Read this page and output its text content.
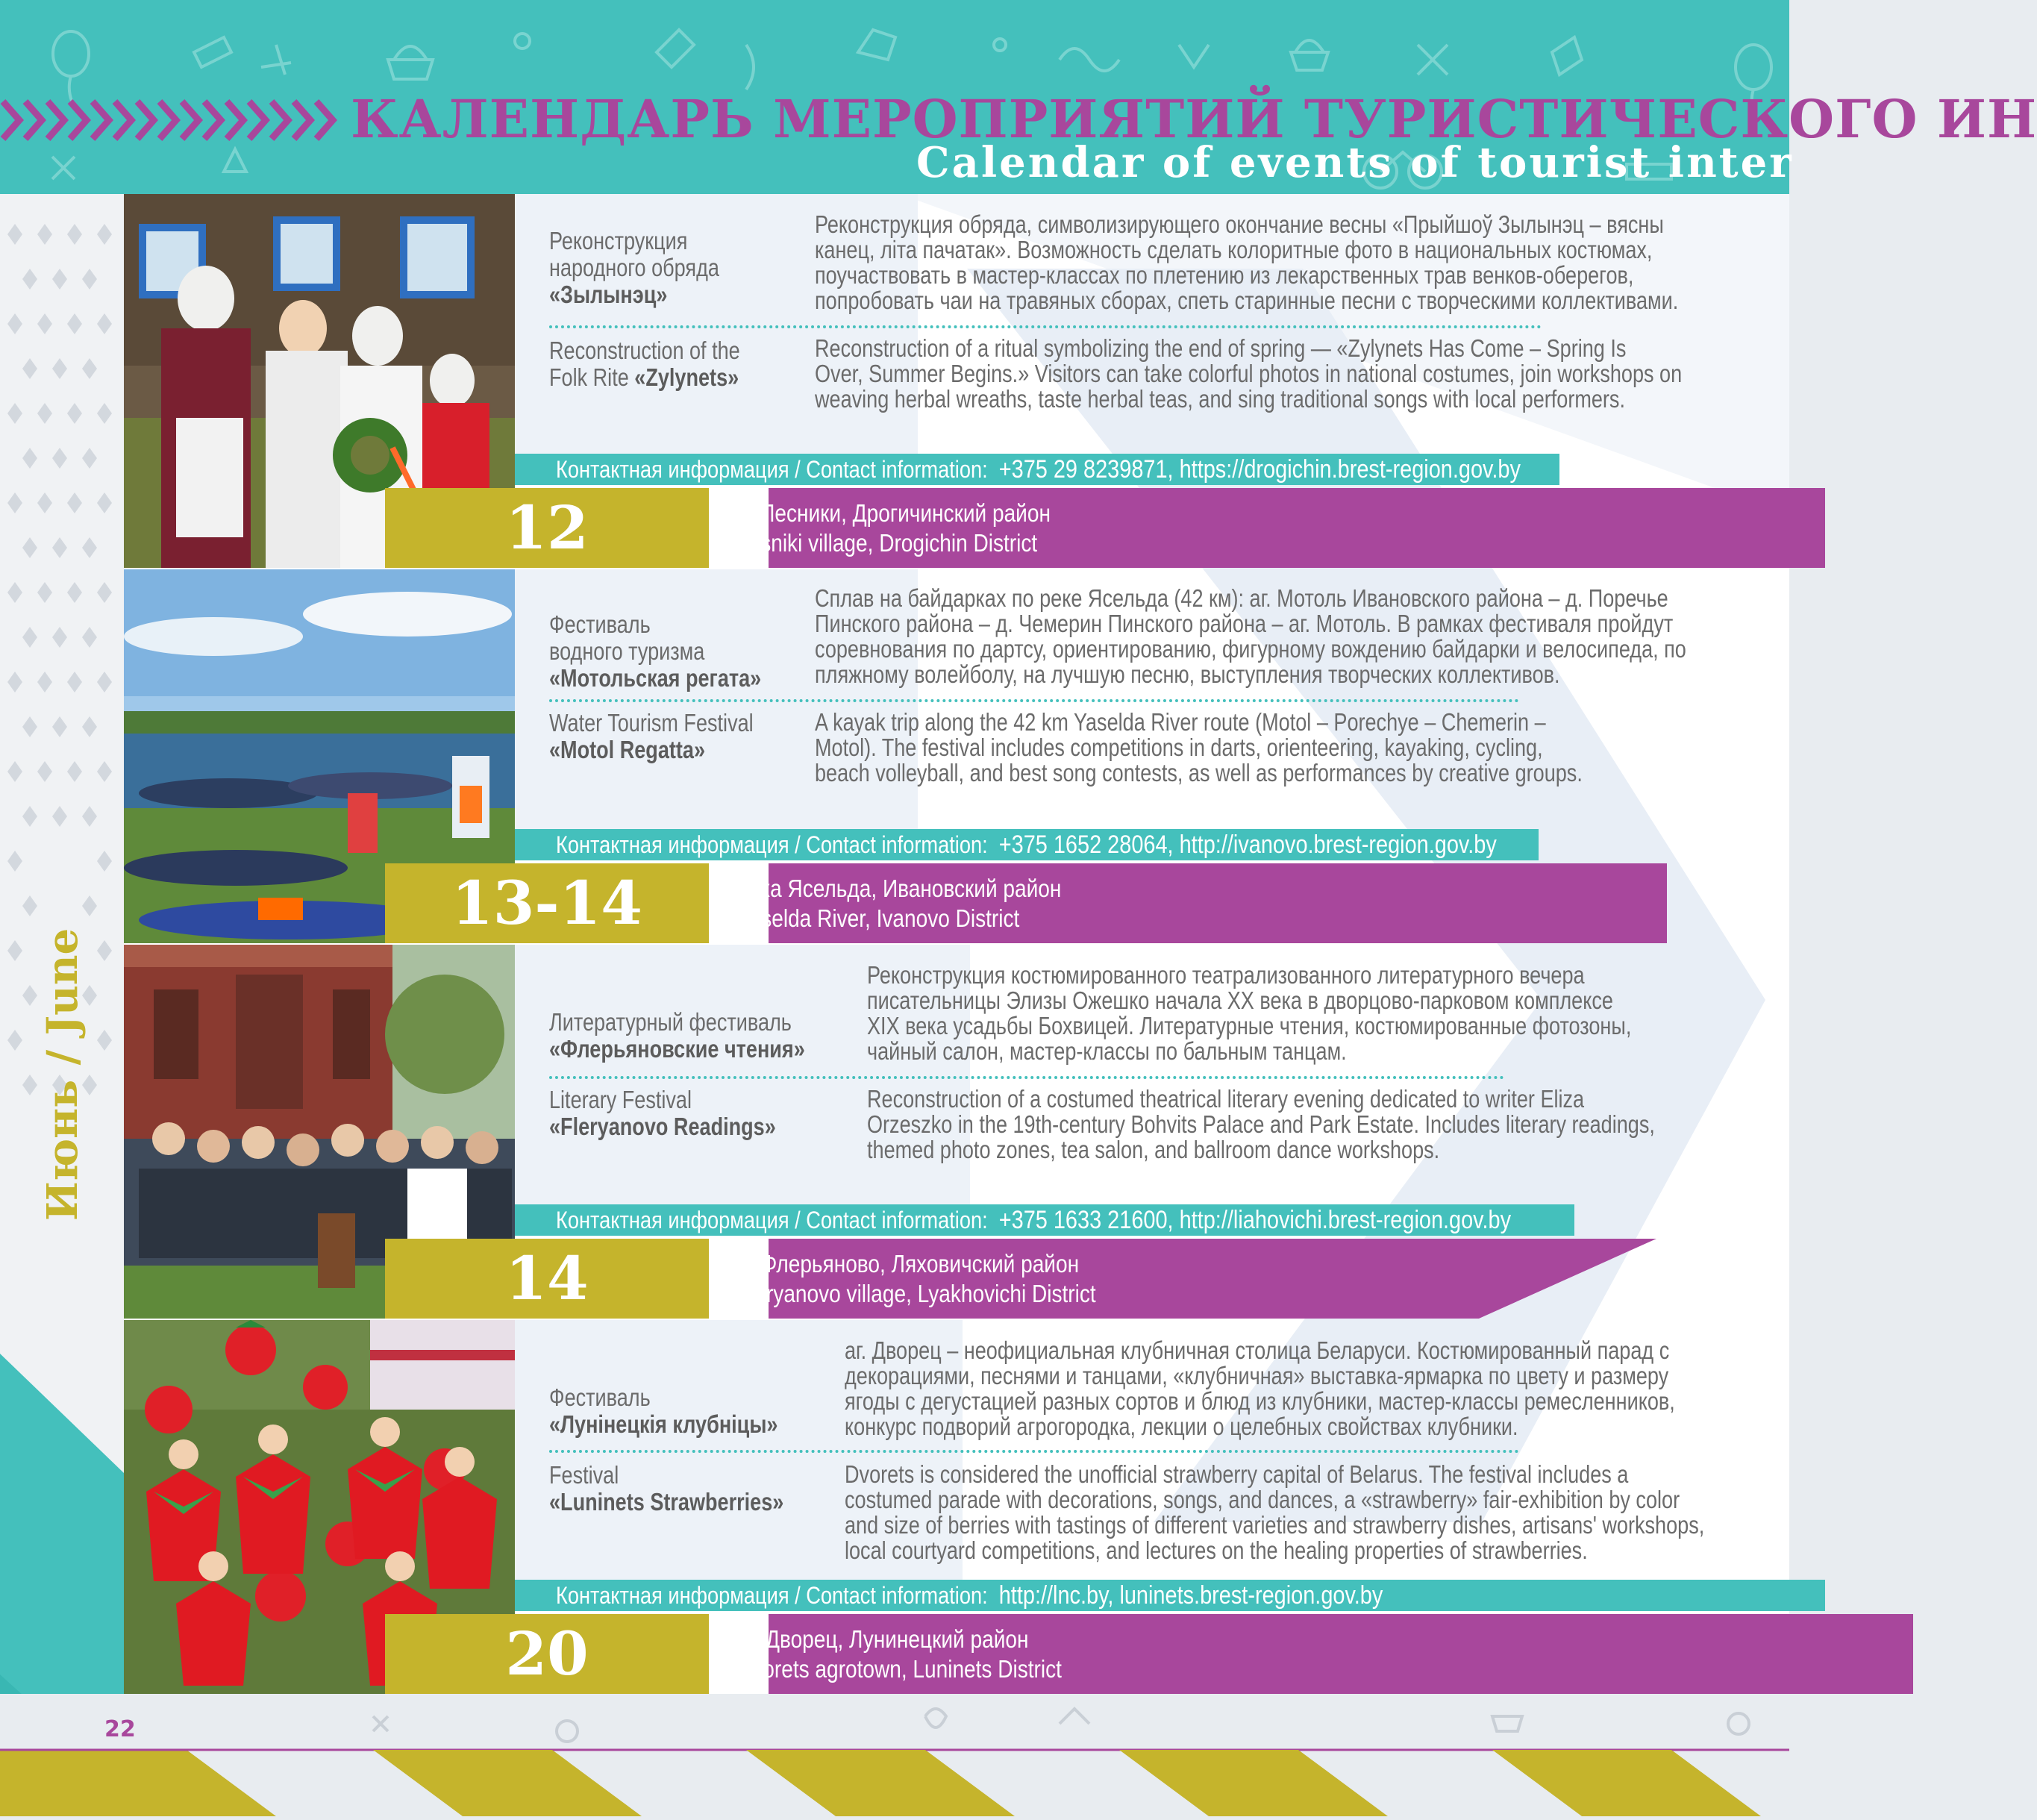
КАЛЕНДАРЬ МЕРОПРИЯТИЙ ТУРИСТИЧЕСКОГО ИН
Calendar of events of tourist inter
Июнь / June
Реконструкция
народного обряда
«Зылынэц»
Reconstruction of the
Folk Rite «Zylynets»
Реконструкция обряда, символизирующего окончание весны «Прыйшоў Зылынэц – вясны
канец, літа пачатак». Возможность сделать колоритные фото в национальных костюмах,
поучаствовать в мастер-классах по плетению из лекарственных трав венков-оберегов,
попробовать чаи на травяных сборах, спеть старинные песни с творческими коллективами.
Reconstruction of a ritual symbolizing the end of spring — «Zylynets Has Come – Spring Is
Over, Summer Begins.» Visitors can take colorful photos in national costumes, join workshops on
weaving herbal wreaths, taste herbal teas, and sing traditional songs with local performers.
Контактная информация / Contact information: +375 29 8239871, https://drogichin.brest-region.gov.by
12	д. Лесники, Дрогичинский район
Lesniki village, Drogichin District
Фестиваль
водного туризма
«Мотольская регата»
Water Tourism Festival
«Motol Regatta»
Сплав на байдарках по реке Ясельда (42 км): аг. Мотоль Ивановского района – д. Поречье
Пинского района – д. Чемерин Пинского района – аг. Мотоль. В рамках фестиваля пройдут
соревнования по дартсу, ориентированию, фигурному вождению байдарки и велосипеда, по
пляжному волейболу, на лучшую песню, выступления творческих коллективов.
A kayak trip along the 42 km Yaselda River route (Motol – Porechye – Chemerin –
Motol). The festival includes competitions in darts, orienteering, kayaking, cycling,
beach volleyball, and best song contests, as well as performances by creative groups.
Контактная информация / Contact information: +375 1652 28064, http://ivanovo.brest-region.gov.by
13-14	река Ясельда, Ивановский район
Yaselda River, Ivanovo District
Литературный фестиваль
«Флерьяновские чтения»
Literary Festival
«Fleryanovo Readings»
Реконструкция костюмированного театрализованного литературного вечера
писательницы Элизы Ожешко начала XX века в дворцово-парковом комплексе
XIX века усадьбы Бохвицей. Литературные чтения, костюмированные фотозоны,
чайный салон, мастер-классы по бальным танцам.
Reconstruction of a costumed theatrical literary evening dedicated to writer Eliza
Orzeszko in the 19th-century Bohvits Palace and Park Estate. Includes literary readings,
themed photo zones, tea salon, and ballroom dance workshops.
Контактная информация / Contact information: +375 1633 21600, http://liahovichi.brest-region.gov.by
14	д. Флерьяново, Ляховичский район
Fleryanovo village, Lyakhovichi District
Фестиваль
«Лунінецкія клубніцы»
Festival
«Luninets Strawberries»
аг. Дворец – неофициальная клубничная столица Беларуси. Костюмированный парад с
декорациями, песнями и танцами, «клубничная» выставка-ярмарка по цвету и размеру
ягоды с дегустацией разных сортов и блюд из клубники, мастер-классы ремесленников,
конкурс подворий агрогородка, лекции о целебных свойствах клубники.
Dvorets is considered the unofficial strawberry capital of Belarus. The festival includes a
costumed parade with decorations, songs, and dances, a «strawberry» fair-exhibition by color
and size of berries with tastings of different varieties and strawberry dishes, artisans' workshops,
local courtyard competitions, and lectures on the healing properties of strawberries.
Контактная информация / Contact information: http://lnc.by, luninets.brest-region.gov.by
20	аг. Дворец, Лунинецкий район
Dvorets agrotown, Luninets District
22
